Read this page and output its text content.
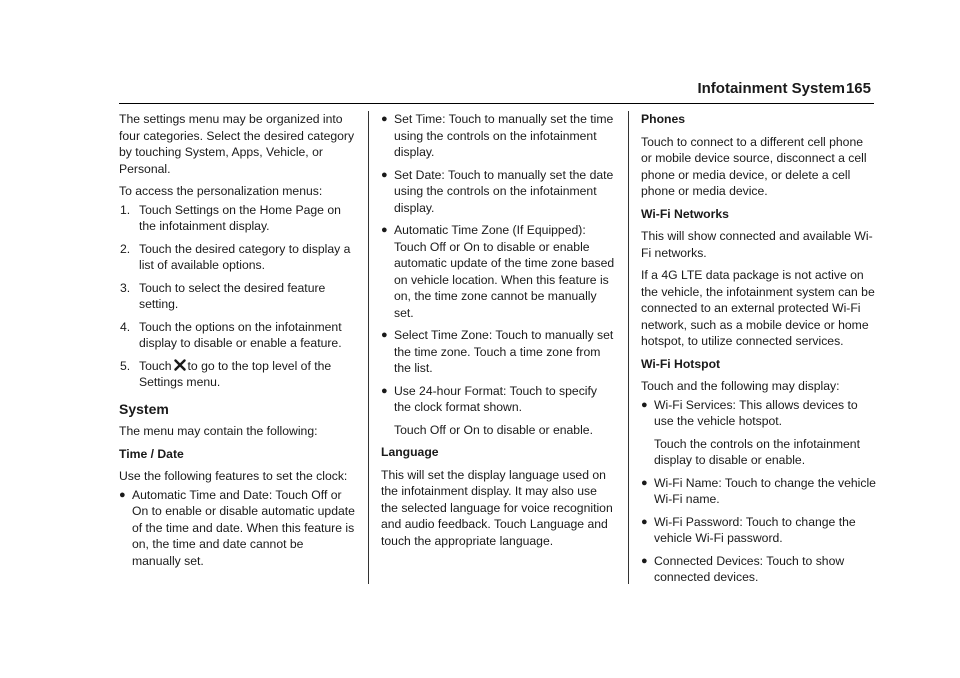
Infotainment System 165

The settings menu may be organized into four categories. Select the desired category by touching System, Apps, Vehicle, or Personal.

To access the personalization menus:

1. Touch Settings on the Home Page on the infotainment display.
2. Touch the desired category to display a list of available options.
3. Touch to select the desired feature setting.
4. Touch the options on the infotainment display to disable or enable a feature.
5. Touch to go to the top level of the Settings menu.
System

The menu may contain the following:

Time / Date

Use the following features to set the clock:

● Automatic Time and Date: Touch Off or On to enable or disable automatic update of the time and date. When this feature is on, the time and date cannot be manually set.
● Set Time: Touch to manually set the time using the controls on the infotainment display.
● Set Date: Touch to manually set the date using the controls on the infotainment display.
● Automatic Time Zone (If Equipped): Touch Off or On to disable or enable automatic update of the time zone based on vehicle location. When this feature is on, the time zone cannot be manually set.
● Select Time Zone: Touch to manually set the time zone. Touch a time zone from the list.
● Use 24-hour Format: Touch to specify the clock format shown.

Touch Off or On to disable or enable.

Language

This will set the display language used on the infotainment display. It may also use the selected language for voice recognition and audio feedback. Touch Language and touch the appropriate language.

Phones

Touch to connect to a different cell phone or mobile device source, disconnect a cell phone or media device, or delete a cell phone or media device.

Wi-Fi Networks

This will show connected and available Wi-Fi networks.

If a 4G LTE data package is not active on the vehicle, the infotainment system can be connected to an external protected Wi-Fi network, such as a mobile device or home hotspot, to utilize connected services.

Wi-Fi Hotspot

Touch and the following may display:

● Wi-Fi Services: This allows devices to use the vehicle hotspot.

Touch the controls on the infotainment display to disable or enable.

● Wi-Fi Name: Touch to change the vehicle Wi-Fi name.
● Wi-Fi Password: Touch to change the vehicle Wi-Fi password.
● Connected Devices: Touch to show connected devices.
